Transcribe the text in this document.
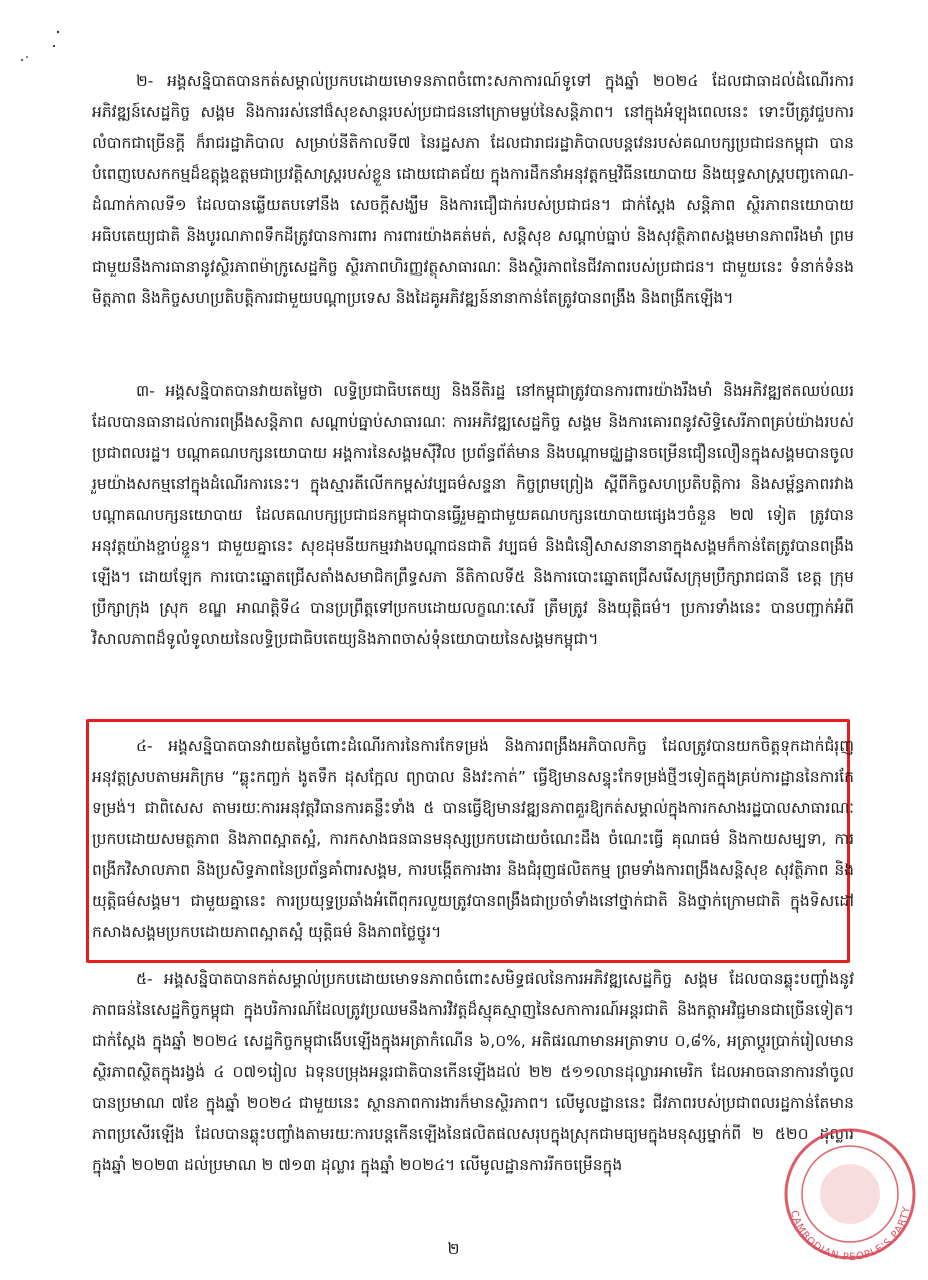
២- អង្គសន្និបាតបានកត់សម្គាល់ប្រកបដោយមោទនភាពចំពោះសកាការណ៍ទូទៅ ក្នុងឆ្នាំ ២០២៤ ដែលជាធាដល់ដំណើរការអភិវឌ្ឍន៍សេដ្ឋកិច្ច សង្គម និងការរស់នៅផ៏សុខសាន្តរបស់ប្រជាជននៅក្រោមម្លប់នៃសន្តិភាព។ នៅក្នុងអំឡុងពេលនេះ ទោះបីត្រូវជួបការលំបាកជាច្រើនក្តី ក៏រាជរដ្ឋាភិបាល សម្រាប់នីតិកាលទី៧ នៃរដ្ឋសភា ដែលជារាជរដ្ឋាភិបាលបន្តវេនរបស់គណបក្សប្រជាជនកម្ពុជា បានបំពេញបេសកកម្មដ៏ឧត្តុង្គឧត្តមជាប្រវត្តិសាស្ត្ររបស់ខ្លួន ដោយជោគជ័យ ក្នុងការដឹកនាំអនុវត្តកម្មវិធីនយោបាយ និងយុទ្ធសាស្ត្របញ្ចកោណ-ដំណាក់កាលទី១ ដែលបានឆ្លើយតបទៅនឹង សេចក្តីសង្ឃឹម និងការជឿជាក់របស់ប្រជាជន។ ជាក់ស្តែង សន្តិភាព ស្ថិរភាពនយោបាយ អធិបតេយ្យជាតិ និងបូរណភាពទឹកដីត្រូវបានការពារ ការពារយ៉ាងគត់មត់, សន្តិសុខ សណ្តាប់ធ្នាប់ និងសុវត្ថិភាពសង្គមមានភាពរឹងមាំ ព្រមជាមួយនឹងការធានានូវស្ថិរភាពម៉ាក្រូសេដ្ឋកិច្ច ស្ថិរភាពហិរញ្ញវត្ថុសាធារណៈ និងស្ថិរភាពនៃជីវភាពរបស់ប្រជាជន។ ជាមួយនេះ ទំនាក់ទំនងមិត្តភាព និងកិច្ចសហប្រតិបត្តិការជាមួយបណ្តាប្រទេស និងដៃគូអភិវឌ្ឍន៍នានាកាន់តែត្រូវបានពង្រឹង និងពង្រីកឡើង។
៣- អង្គសន្និបាតបានវាយតម្លៃថា លទ្ធិប្រជាធិបតេយ្យ និងនីតិរដ្ឋ នៅកម្ពុជាត្រូវបានការពារយ៉ាងរឹងមាំ និងអភិវឌ្ឍឥតឈប់ឈរ ដែលបានធានាដល់ការពង្រឹងសន្តិភាព សណ្តាប់ធ្នាប់សាធារណៈ ការអភិវឌ្ឍសេដ្ឋកិច្ច សង្គម និងការគោរពនូវសិទ្ធិសេរីភាពគ្រប់យ៉ាងរបស់ប្រជាពលរដ្ឋ។ បណ្តាគណបក្សនយោបាយ អង្គការនៃសង្គមស៊ីវិល ប្រព័ន្ធព័ត៌មាន និងបណ្តាមជ្ឈដ្ឋានចម្រើនជឿនលឿនក្នុងសង្គមបានចូលរួមយ៉ាងសកម្មនៅក្នុងដំណើរការនេះ។ ក្នុងស្មារតីលើកកម្ពស់វប្បធម៌សន្ទនា កិច្ចព្រមព្រៀង ស្ពីពីកិច្ចសហប្រតិបត្តិការ និងសម្ព័ន្ធភាពរវាងបណ្តាគណបក្សនយោបាយ ដែលគណបក្សប្រជាជនកម្ពុជាបានធ្វើរួមគ្នាជាមួយគណបក្សនយោបាយផ្សេងៗចំនួន ២៧ ទៀត ត្រូវបានអនុវត្តយ៉ាងខ្ជាប់ខ្ជួន។ ជាមួយគ្នានេះ សុខដុមនីយកម្មរវាងបណ្តាជនជាតិ វប្បធម៌ និងជំនឿសាសនានានាក្នុងសង្គមក៏កាន់តែត្រូវបានពង្រឹងឡើង។ ដោយឡែក ការបោះឆ្នោតជ្រើសតាំងសមាជិកព្រឹទ្ធសភា នីតិកាលទី៥ និងការបោះឆ្នោតជ្រើសរើសក្រុមប្រឹក្សារាជធានី ខេត្ត ក្រុមប្រឹក្សាក្រុង ស្រុក ខណ្ឌ អាណត្តិទី៤ បានប្រព្រឹត្តទៅប្រកបដោយលក្ខណៈសេរី ត្រឹមត្រូវ និងយុត្តិធម៌។ ប្រការទាំងនេះ បានបញ្ជាក់អំពីវិសាលភាពដ៏ទូលំទូលាយនៃលទ្ធិប្រជាធិបតេយ្យនិងភាពចាស់ទុំនយោបាយនៃសង្គមកម្ពុជា។
៤- អង្គសន្និបាតបានវាយតម្លៃចំពោះដំណើរការនៃការកែទម្រង់ និងការពង្រឹងអភិបាលកិច្ច ដែលត្រូវបានយកចិត្តទុកដាក់ជំរុញអនុវត្តស្របតាមអភិក្រម “ឆ្លុះកញ្ចក់ ងូតទឹក ដុសក្អែល ព្យាបាល និងវះកាត់” ធ្វើឱ្យមានសន្ទុះកែទម្រង់ថ្មីៗទៀតក្នុងគ្រប់ការដ្ឋាននៃការកែទម្រង់។ ជាពិសេស តាមរយៈការអនុវត្តវិធានការគន្លឹះទាំង ៥ បានធ្វើឱ្យមានវឌ្ឍនភាពគួរឱ្យកត់សម្គាល់ក្នុងការកសាងរដ្ឋបាលសាធារណៈប្រកបដោយសមត្ថភាព និងភាពស្អាតស្អំ, ការកសាងធនធានមនុស្សប្រកបដោយចំណេះដឹង ចំណេះធ្វើ គុណធម៌ និងកាយសម្បទា, ការពង្រីកវិសាលភាព និងប្រសិទ្ធភាពនៃប្រព័ន្ធគាំពារសង្គម, ការបង្កើតការងារ និងជំរុញផលិតកម្ម ព្រមទាំងការពង្រឹងសន្តិសុខ សុវត្ថិភាព និងយុត្តិធម៌សង្គម។ ជាមួយគ្នានេះ ការប្រយុទ្ធប្រឆាំងអំពើពុករលួយត្រូវបានពង្រឹងជាប្រចាំទាំងនៅថ្នាក់ជាតិ និងថ្នាក់ក្រោមជាតិ ក្នុងទិសដៅកសាងសង្គមប្រកបដោយភាពស្អាតស្អំ យុត្តិធម៌ និងភាពថ្លៃថ្នូរ។
៥- អង្គសន្និបាតបានកត់សម្គាល់ប្រកបដោយមោទនភាពចំពោះសមិទ្ធផលនៃការអភិវឌ្ឍសេដ្ឋកិច្ច សង្គម ដែលបានឆ្លុះបញ្ចាំងនូវភាពធន់នៃសេដ្ឋកិច្ចកម្ពុជា ក្នុងបរិការណ៍ដែលត្រូវប្រឈមនឹងការវិវត្តដ៏ស្មុគស្មាញនៃសកាការណ៍អន្តរជាតិ និងកត្តាអវិជ្ជមានជាច្រើនទៀត។ ជាក់ស្តែង ក្នុងឆ្នាំ ២០២៤ សេដ្ឋកិច្ចកម្ពុជាងើបឡើងក្នុងអត្រាកំណើន ៦,០%, អតិផរណាមានអត្រាទាប ០,៨%, អត្រាប្តូរប្រាក់រៀលមានស្ថិរភាពស្ថិតក្នុងរង្វង់ ៤ ០៧១រៀល ឯទុនបម្រុងអន្តរជាតិបានកើនឡើងដល់ ២២ ៥១១លានដុល្លារអាមេរិក ដែលអាចធានាការនាំចូលបានប្រមាណ ៧ខែ ក្នុងឆ្នាំ ២០២៤ ជាមួយនេះ ស្ថានភាពការងារក៏មានស្ថិរភាព។ លើមូលដ្ឋាននេះ ជីវភាពរបស់ប្រជាពលរដ្ឋកាន់តែមានភាពប្រសើរឡើង ដែលបានឆ្លុះបញ្ចាំងតាមរយៈការបន្តកើនឡើងនៃផលិតផលសរុបក្នុងស្រុកជាមធ្យមក្នុងមនុស្សម្នាក់ពី ២ ៥២០ ដុល្លារ ក្នុងឆ្នាំ ២០២៣ ដល់ប្រមាណ ២ ៧១៣ ដុល្លារ ក្នុងឆ្នាំ ២០២៤។ លើមូលដ្ឋានការរីកចម្រើនក្នុង
២
CAMBODIAN PEOPLE'S PARTY
